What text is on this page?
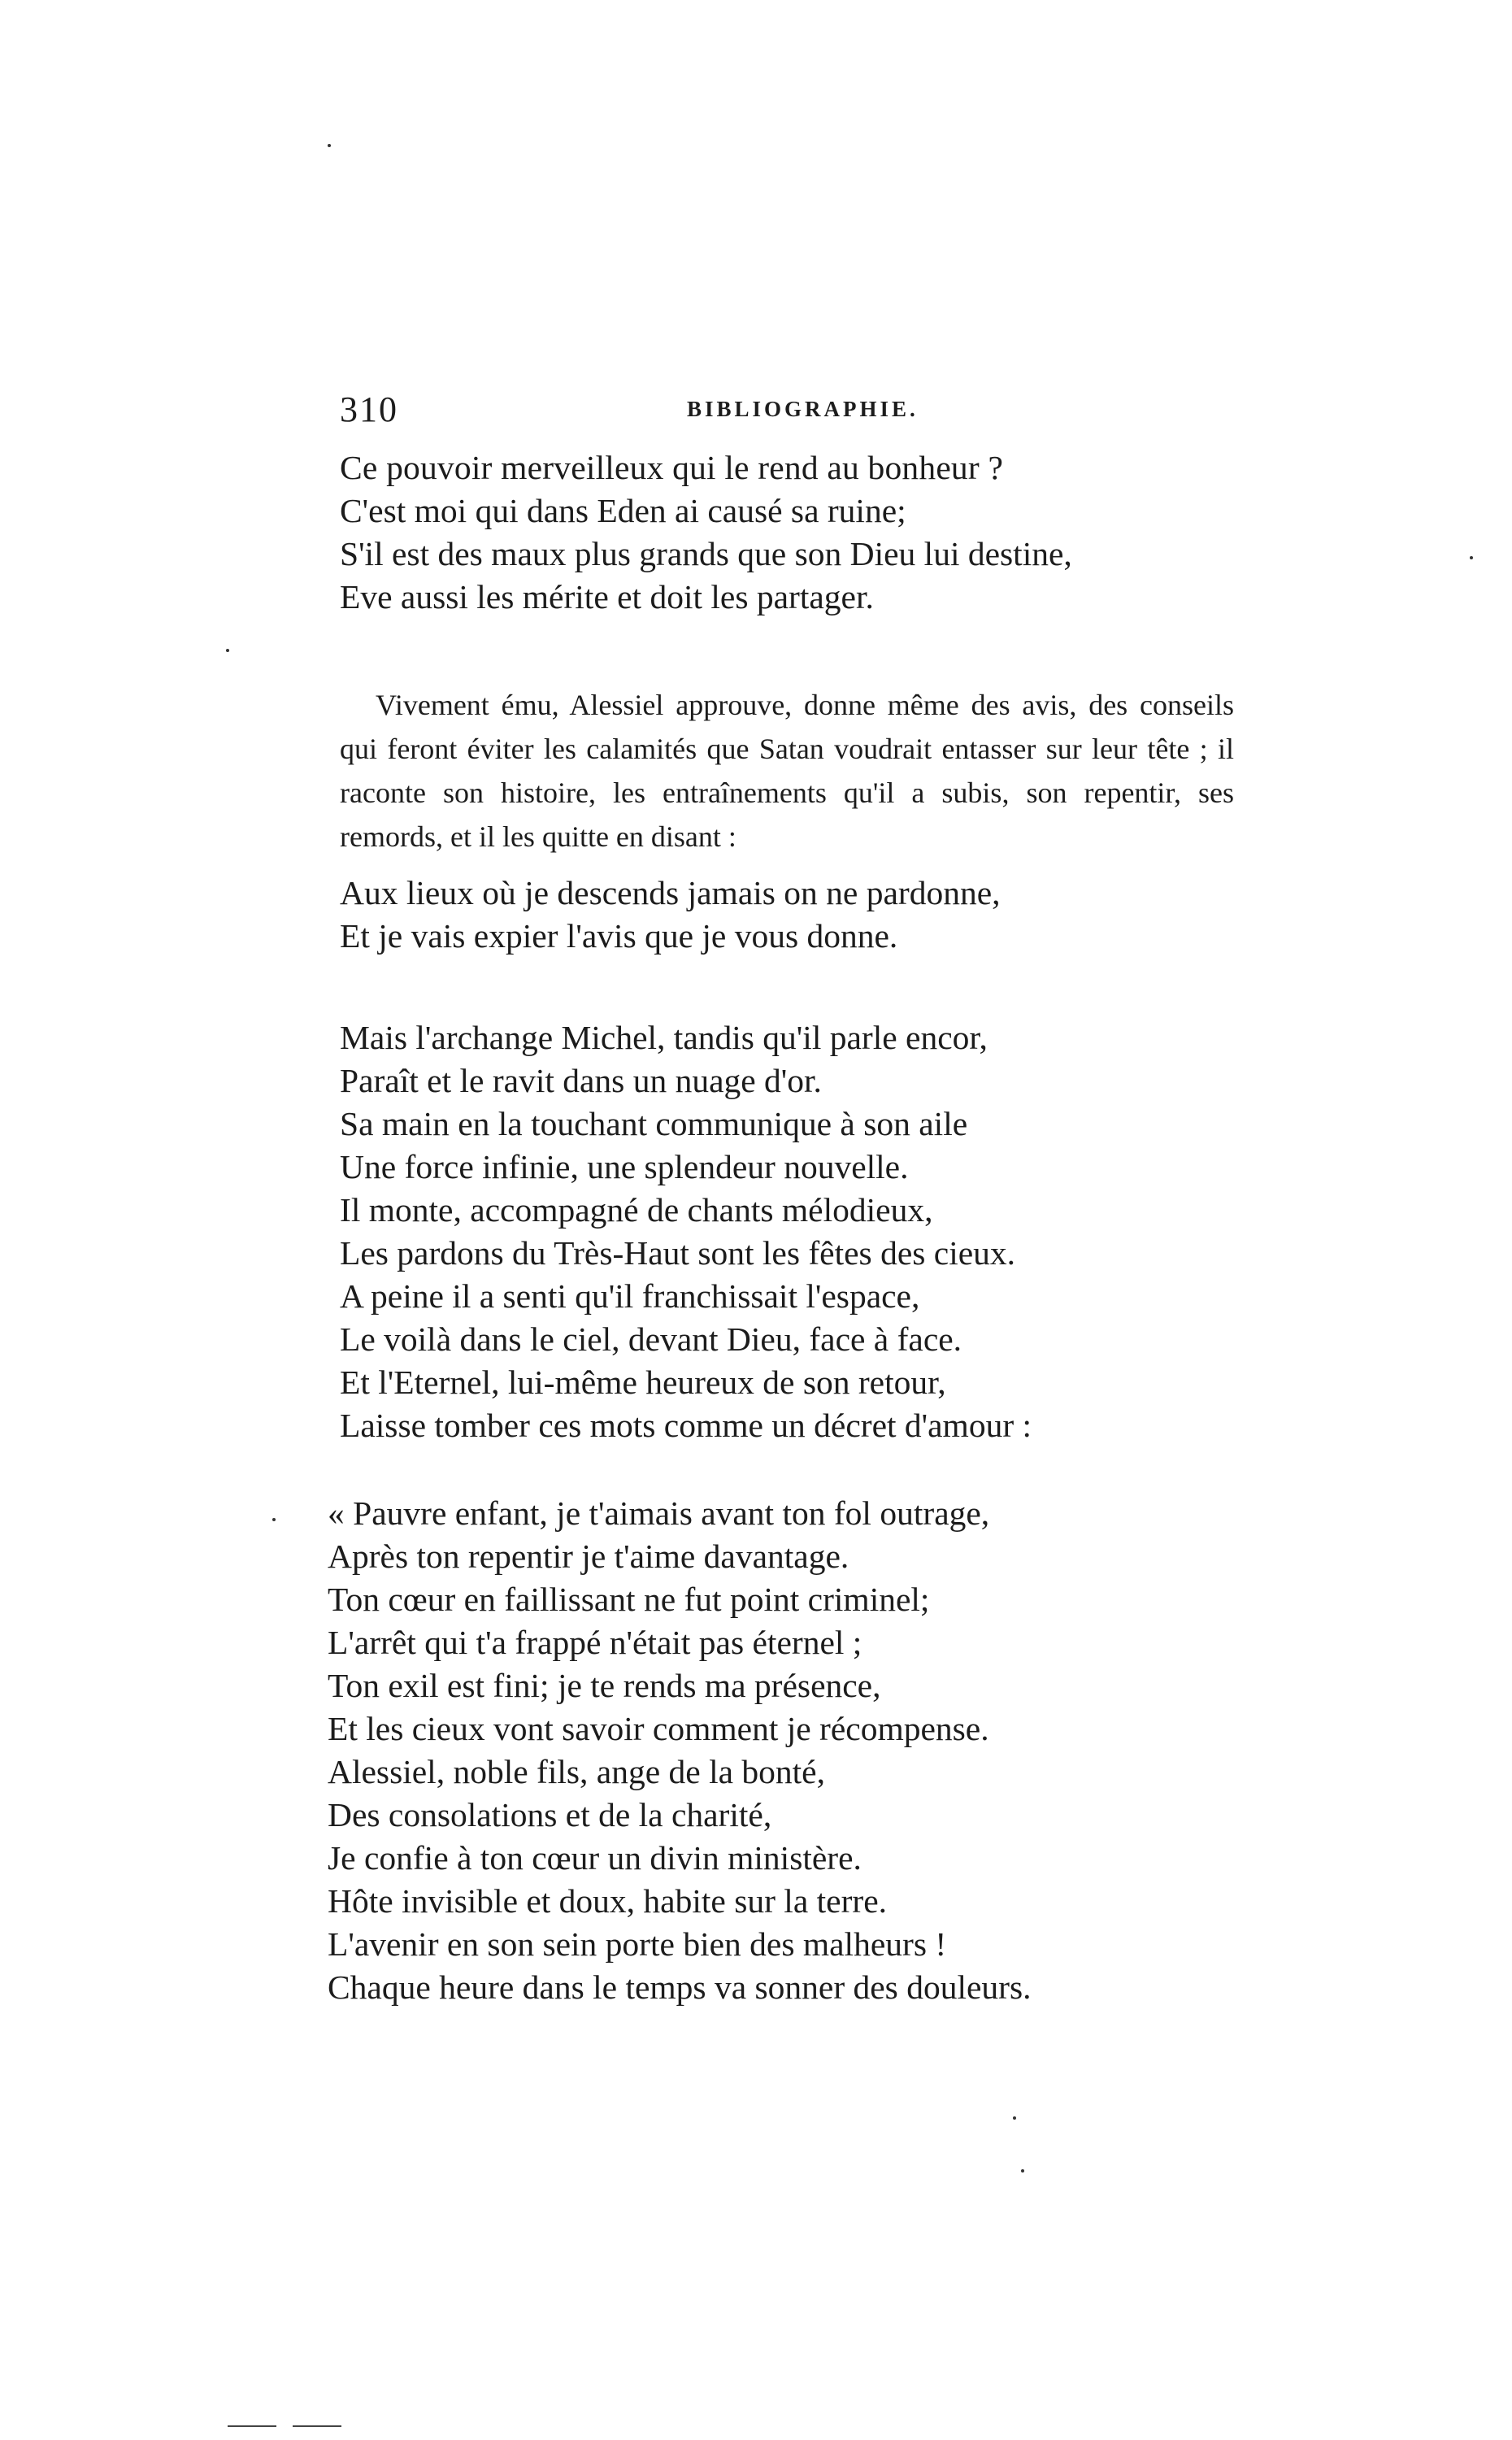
310	BIBLIOGRAPHIE.
Ce pouvoir merveilleux qui le rend au bonheur ?
C'est moi qui dans Eden ai causé sa ruine;
S'il est des maux plus grands que son Dieu lui destine,
Eve aussi les mérite et doit les partager.

Vivement ému, Alessiel approuve, donne même des avis, des conseils qui feront éviter les calamités que Satan voudrait entasser sur leur tête ; il raconte son histoire, les entraînements qu'il a subis, son repentir, ses remords, et il les quitte en disant :

Aux lieux où je descends jamais on ne pardonne,
Et je vais expier l'avis que je vous donne.
Mais l'archange Michel, tandis qu'il parle encor,
Paraît et le ravit dans un nuage d'or.
Sa main en la touchant communique à son aile
Une force infinie, une splendeur nouvelle.
Il monte, accompagné de chants mélodieux,
Les pardons du Très-Haut sont les fêtes des cieux.
A peine il a senti qu'il franchissait l'espace,
Le voilà dans le ciel, devant Dieu, face à face.
Et l'Eternel, lui-même heureux de son retour,
Laisse tomber ces mots comme un décret d'amour :
« Pauvre enfant, je t'aimais avant ton fol outrage,
Après ton repentir je t'aime davantage.
Ton cœur en faillissant ne fut point criminel;
L'arrêt qui t'a frappé n'était pas éternel ;
Ton exil est fini; je te rends ma présence,
Et les cieux vont savoir comment je récompense.
Alessiel, noble fils, ange de la bonté,
Des consolations et de la charité,
Je confie à ton cœur un divin ministère.
Hôte invisible et doux, habite sur la terre.
L'avenir en son sein porte bien des malheurs !
Chaque heure dans le temps va sonner des douleurs.
